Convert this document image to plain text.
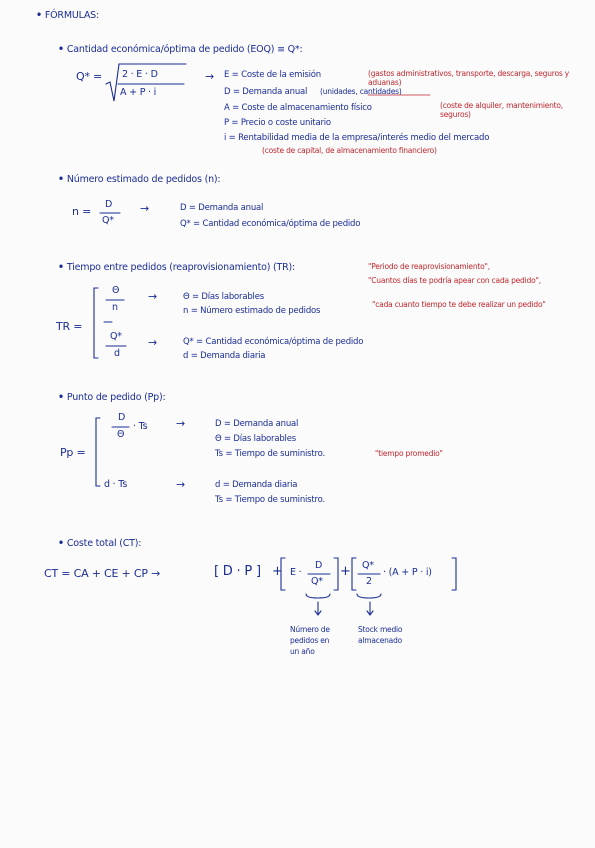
• FÓRMULAS:
• Cantidad económica/óptima de pedido (EOQ) ≡ Q*:
Q* = 2 · E · D
A + P · i
→ E = Coste de la emisión
D = Demanda anual
A = Coste de almacenamiento físico
P = Precio o coste unitario
i = Rentabilidad media de la empresa/interés medio del mercado
(gastos administrativos, transporte, descarga, seguros y aduanas)
(unidades, cantidades)
(coste de alquiler, mantenimiento, seguros)
(coste de capital, de almacenamiento financiero)
• Número estimado de pedidos (n):
n =
D
Q*
→	D = Demanda anual
Q* = Cantidad económica/óptima de pedido
• Tiempo entre pedidos (reaprovisionamiento) (TR):	"Periodo de reaprovisionamiento",
"Cuantos días te podría apear con cada pedido",
"cada cuanto tiempo te debe realizar un pedido"
TR =
Θ
n
→	Θ = Días laborables
n = Número estimado de pedidos
Q*
d
→	Q* = Cantidad económica/óptima de pedido
d = Demanda diaria
• Punto de pedido (Pp):
Pp =
D
Θ
· Ts	→	D = Demanda anual
Θ = Días laborables
Ts = Tiempo de suministro.	"tiempo promedio"
d · Ts	→	d = Demanda diaria
Ts = Tiempo de suministro.
• Coste total (CT):
CT = CA + CE + CP →	[ D · P ] + E ·
D
Q*
+ Q*
2
· (A + P · i)
Número de
pedidos en
un año
Stock medio
almacenado
